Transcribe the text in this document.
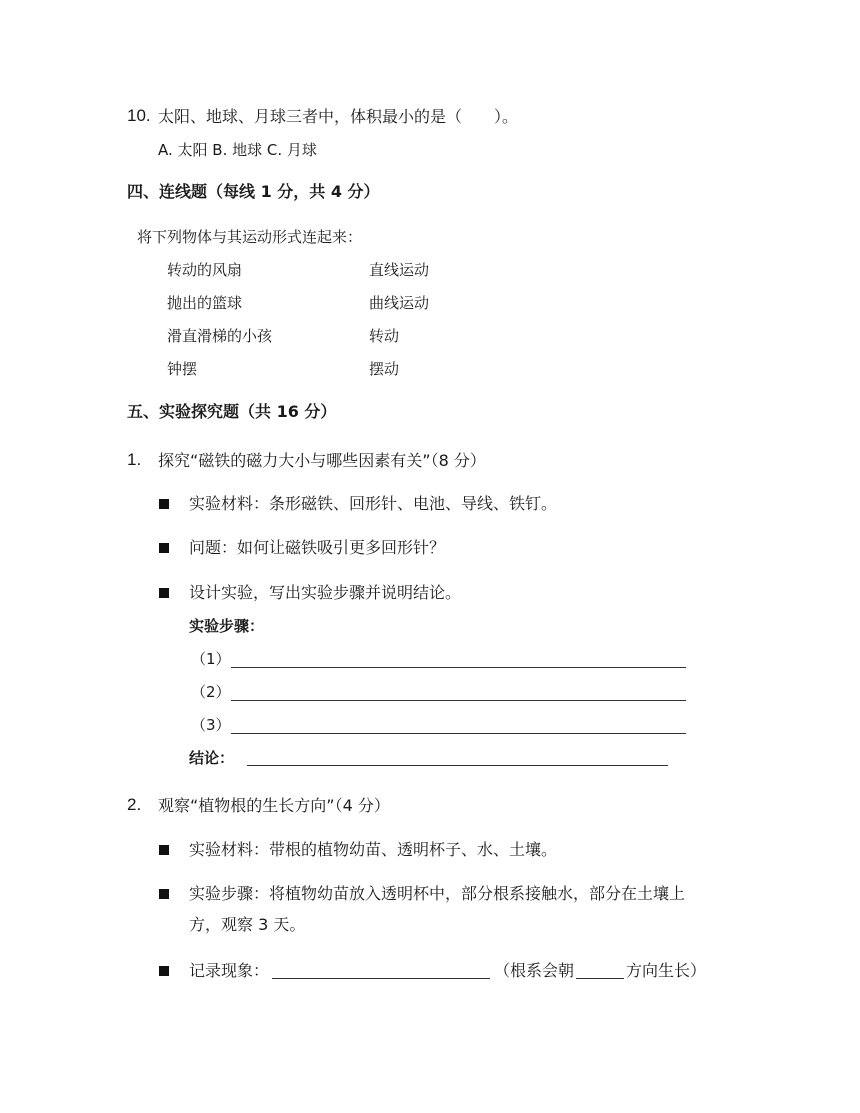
10. 太阳、地球、月球三者中，体积最小的是（　　）。
A. 太阳 B. 地球 C. 月球
四、连线题（每线 1 分，共 4 分）
将下列物体与其运动形式连起来：
转动的风扇
抛出的篮球
滑直滑梯的小孩
钟摆
直线运动
曲线运动
转动
摆动
五、实验探究题（共 16 分）
1. 探究“磁铁的磁力大小与哪些因素有关”（8 分）
实验材料：条形磁铁、回形针、电池、导线、铁钉。
问题：如何让磁铁吸引更多回形针？
设计实验，写出实验步骤并说明结论。
实验步骤：
（1）
（2）
（3）
结论：
2. 观察“植物根的生长方向”（4 分）
实验材料：带根的植物幼苗、透明杯子、水、土壤。
实验步骤：将植物幼苗放入透明杯中，部分根系接触水，部分在土壤上
方，观察 3 天。
记录现象：	（根系会朝	方向生长）
